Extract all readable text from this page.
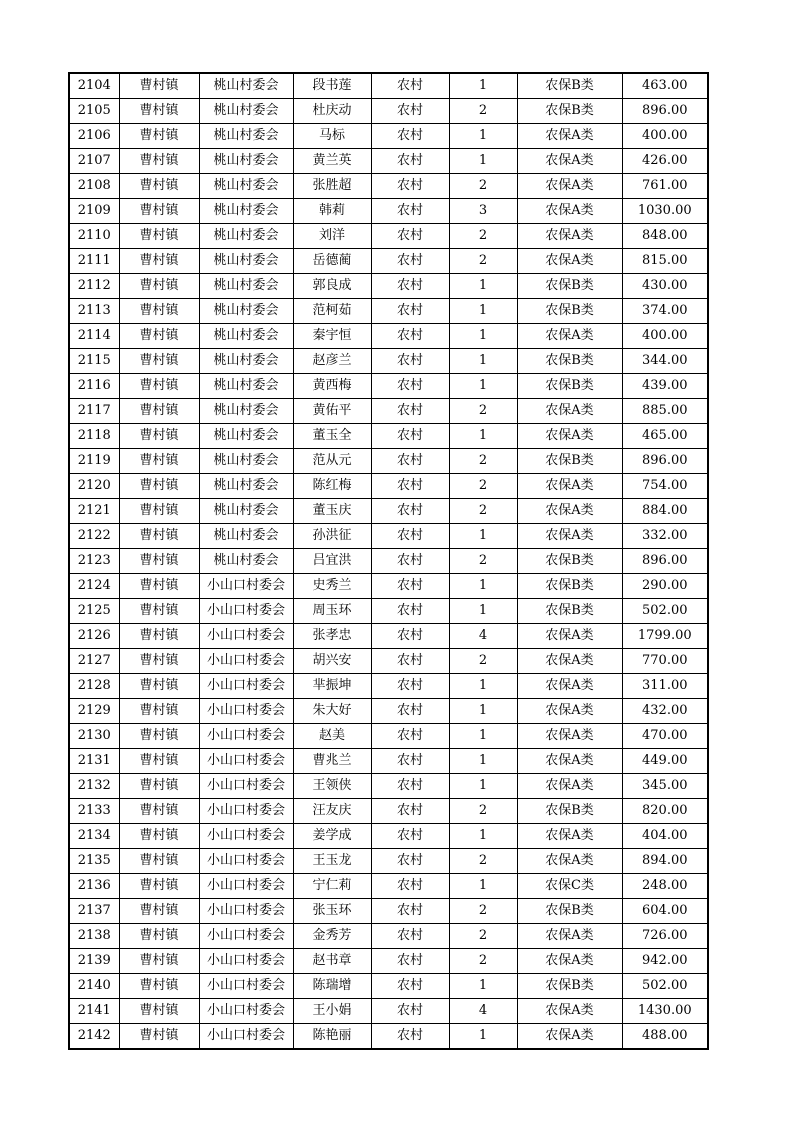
2104	曹村镇	桃山村委会	段书莲	农村	1	农保B类	463.00
2105	曹村镇	桃山村委会	杜庆动	农村	2	农保B类	896.00
2106	曹村镇	桃山村委会	马标	农村	1	农保A类	400.00
2107	曹村镇	桃山村委会	黄兰英	农村	1	农保A类	426.00
2108	曹村镇	桃山村委会	张胜超	农村	2	农保A类	761.00
2109	曹村镇	桃山村委会	韩莉	农村	3	农保A类	1030.00
2110	曹村镇	桃山村委会	刘洋	农村	2	农保A类	848.00
2111	曹村镇	桃山村委会	岳德蔺	农村	2	农保A类	815.00
2112	曹村镇	桃山村委会	郭良成	农村	1	农保B类	430.00
2113	曹村镇	桃山村委会	范柯茹	农村	1	农保B类	374.00
2114	曹村镇	桃山村委会	秦宇恒	农村	1	农保A类	400.00
2115	曹村镇	桃山村委会	赵彦兰	农村	1	农保B类	344.00
2116	曹村镇	桃山村委会	黄西梅	农村	1	农保B类	439.00
2117	曹村镇	桃山村委会	黄佑平	农村	2	农保A类	885.00
2118	曹村镇	桃山村委会	董玉全	农村	1	农保A类	465.00
2119	曹村镇	桃山村委会	范从元	农村	2	农保B类	896.00
2120	曹村镇	桃山村委会	陈红梅	农村	2	农保A类	754.00
2121	曹村镇	桃山村委会	董玉庆	农村	2	农保A类	884.00
2122	曹村镇	桃山村委会	孙洪征	农村	1	农保A类	332.00
2123	曹村镇	桃山村委会	吕宜洪	农村	2	农保B类	896.00
2124	曹村镇	小山口村委会	史秀兰	农村	1	农保B类	290.00
2125	曹村镇	小山口村委会	周玉环	农村	1	农保B类	502.00
2126	曹村镇	小山口村委会	张孝忠	农村	4	农保A类	1799.00
2127	曹村镇	小山口村委会	胡兴安	农村	2	农保A类	770.00
2128	曹村镇	小山口村委会	芈振坤	农村	1	农保A类	311.00
2129	曹村镇	小山口村委会	朱大好	农村	1	农保A类	432.00
2130	曹村镇	小山口村委会	赵美	农村	1	农保A类	470.00
2131	曹村镇	小山口村委会	曹兆兰	农村	1	农保A类	449.00
2132	曹村镇	小山口村委会	王领侠	农村	1	农保A类	345.00
2133	曹村镇	小山口村委会	汪友庆	农村	2	农保B类	820.00
2134	曹村镇	小山口村委会	姜学成	农村	1	农保A类	404.00
2135	曹村镇	小山口村委会	王玉龙	农村	2	农保A类	894.00
2136	曹村镇	小山口村委会	宁仁莉	农村	1	农保C类	248.00
2137	曹村镇	小山口村委会	张玉环	农村	2	农保B类	604.00
2138	曹村镇	小山口村委会	金秀芳	农村	2	农保A类	726.00
2139	曹村镇	小山口村委会	赵书章	农村	2	农保A类	942.00
2140	曹村镇	小山口村委会	陈瑞增	农村	1	农保B类	502.00
2141	曹村镇	小山口村委会	王小娟	农村	4	农保A类	1430.00
2142	曹村镇	小山口村委会	陈艳丽	农村	1	农保A类	488.00
